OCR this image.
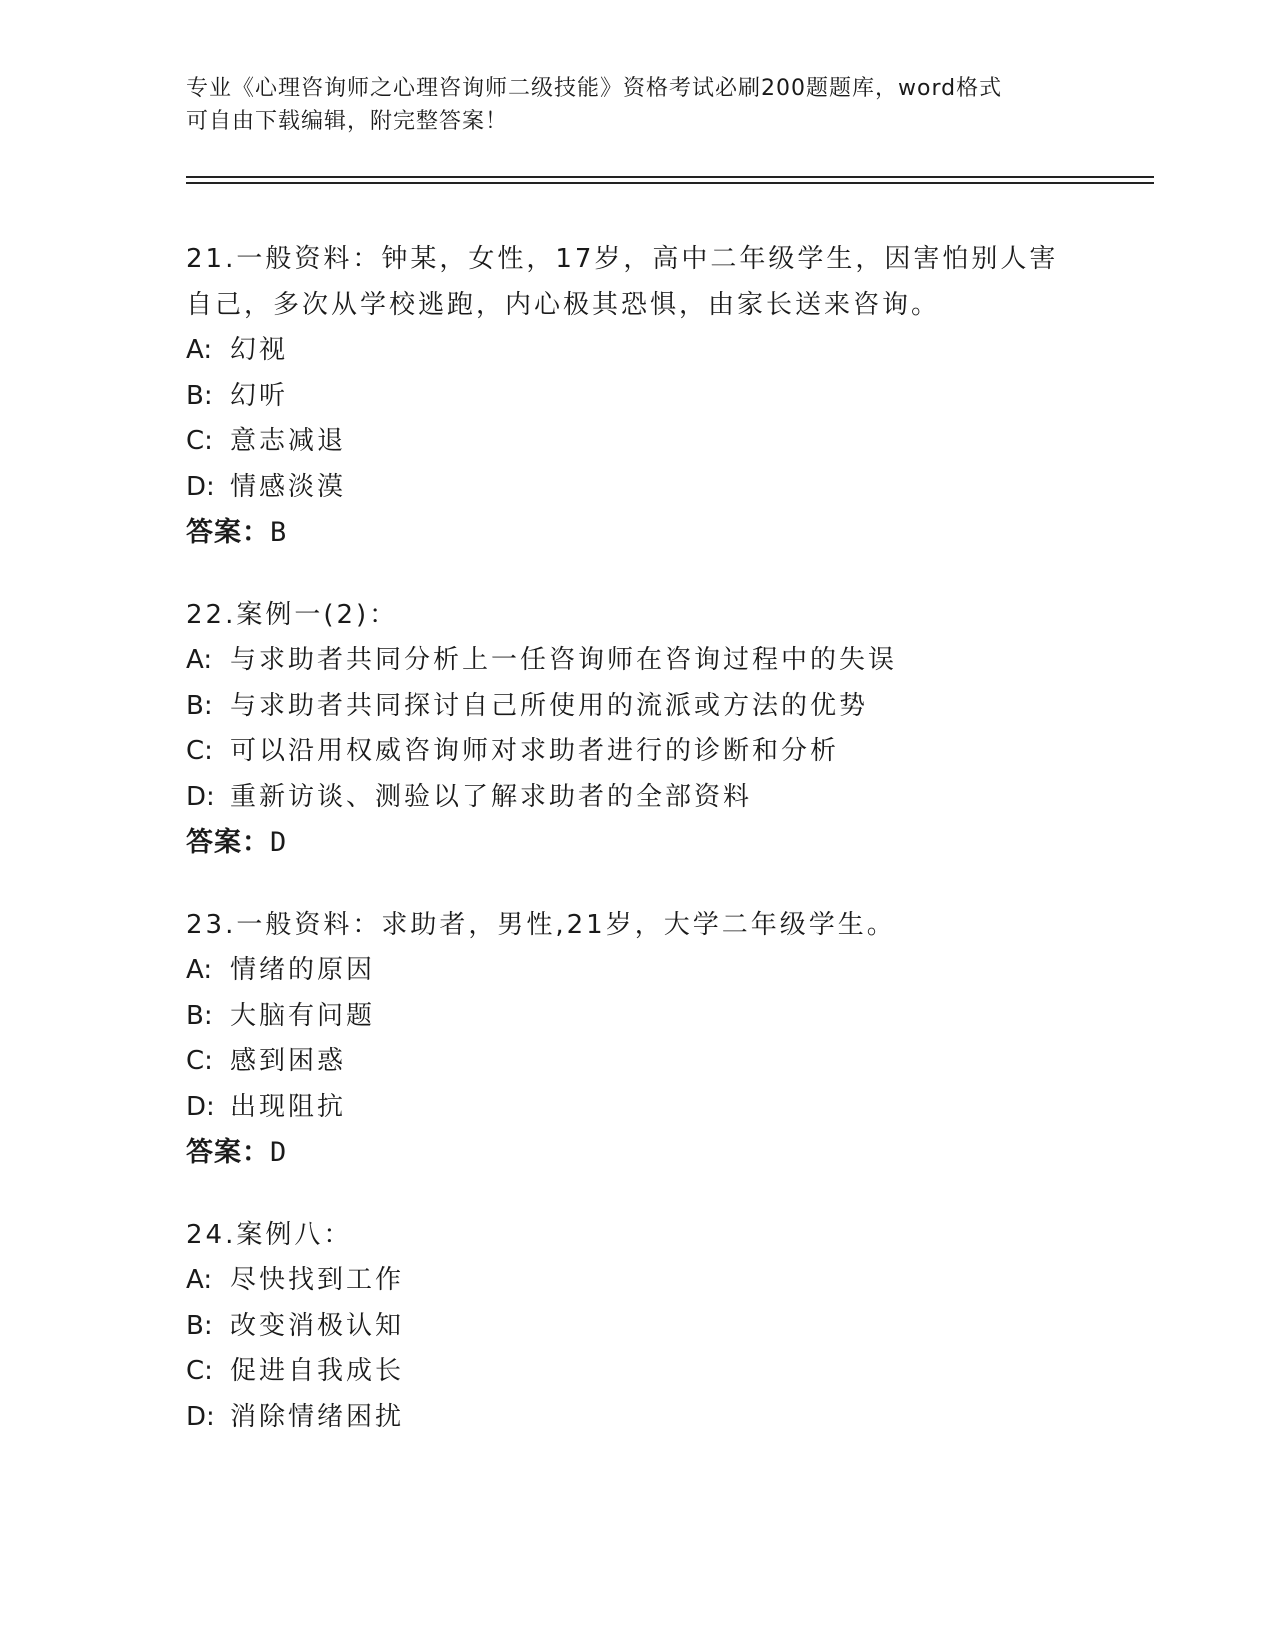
专业《心理咨询师之心理咨询师二级技能》资格考试必刷200题题库，word格式
可自由下载编辑，附完整答案！
21.一般资料：钟某，女性，17岁，高中二年级学生，因害怕别人害自己，多次从学校逃跑，内心极其恐惧，由家长送来咨询。
A: 幻视
B: 幻听
C: 意志减退
D: 情感淡漠
答案：B
22.案例一(2)：
A: 与求助者共同分析上一任咨询师在咨询过程中的失误
B: 与求助者共同探讨自己所使用的流派或方法的优势
C: 可以沿用权威咨询师对求助者进行的诊断和分析
D: 重新访谈、测验以了解求助者的全部资料
答案：D
23.一般资料：求助者，男性,21岁，大学二年级学生。
A: 情绪的原因
B: 大脑有问题
C: 感到困惑
D: 出现阻抗
答案：D
24.案例八：
A: 尽快找到工作
B: 改变消极认知
C: 促进自我成长
D: 消除情绪困扰
